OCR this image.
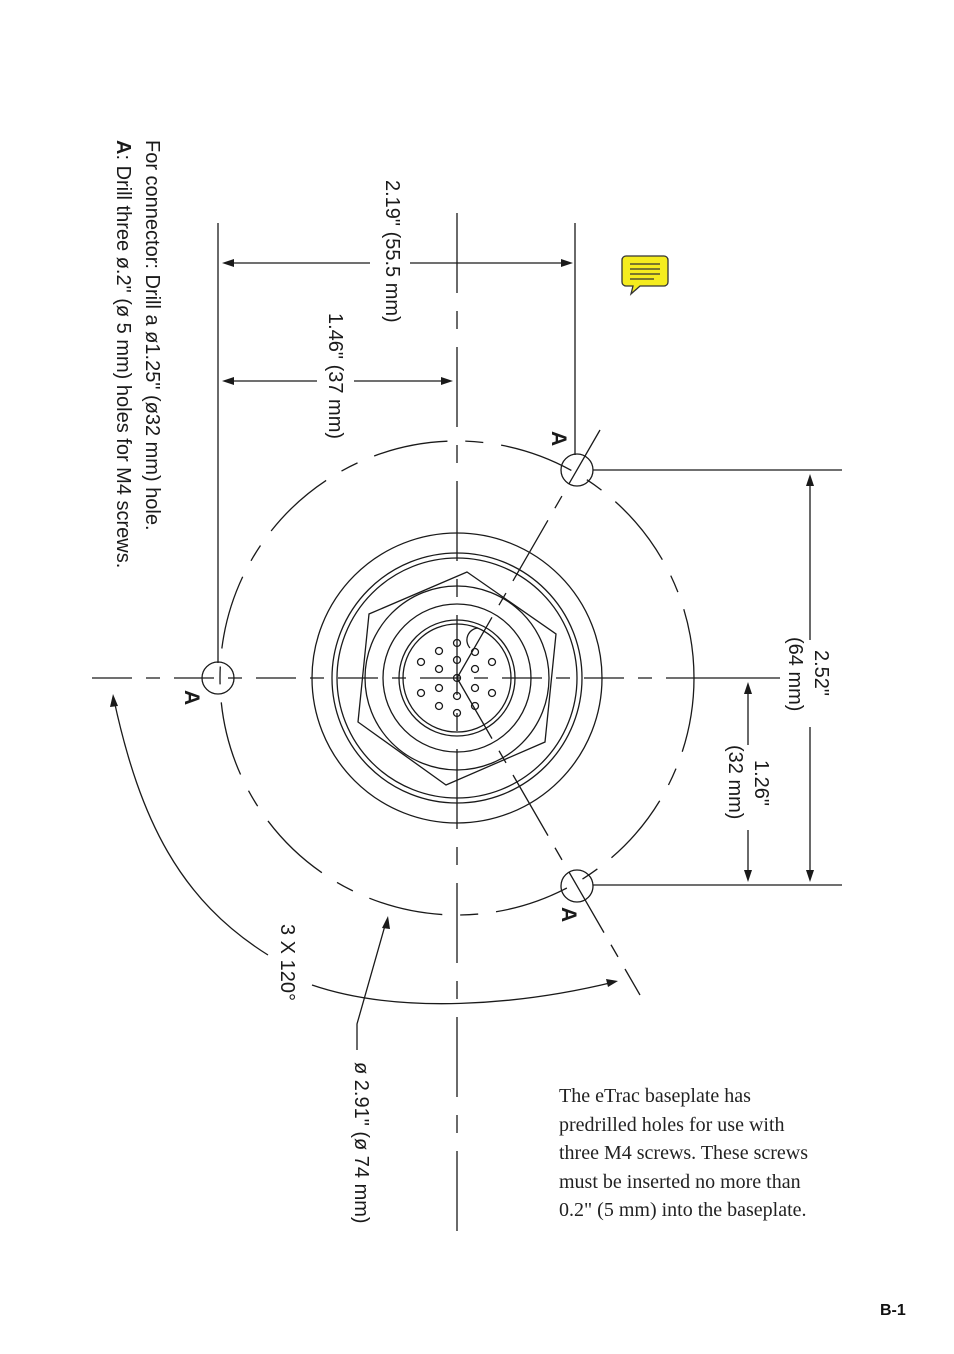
For connector: Drill a ø1.25" (ø32 mm) hole.
A: Drill three ø.2" (ø 5 mm) holes for M4 screws.	2.19" (55.5 mm)
1.46" (37 mm)
2.52"
(64 mm)
1.26"
(32 mm)
3 X 120°
ø 2.91" (ø 74 mm)
A
A
A
The eTrac baseplate has
predrilled holes for use with
three M4 screws. These screws
must be inserted no more than
0.2" (5 mm) into the baseplate.
B-1
